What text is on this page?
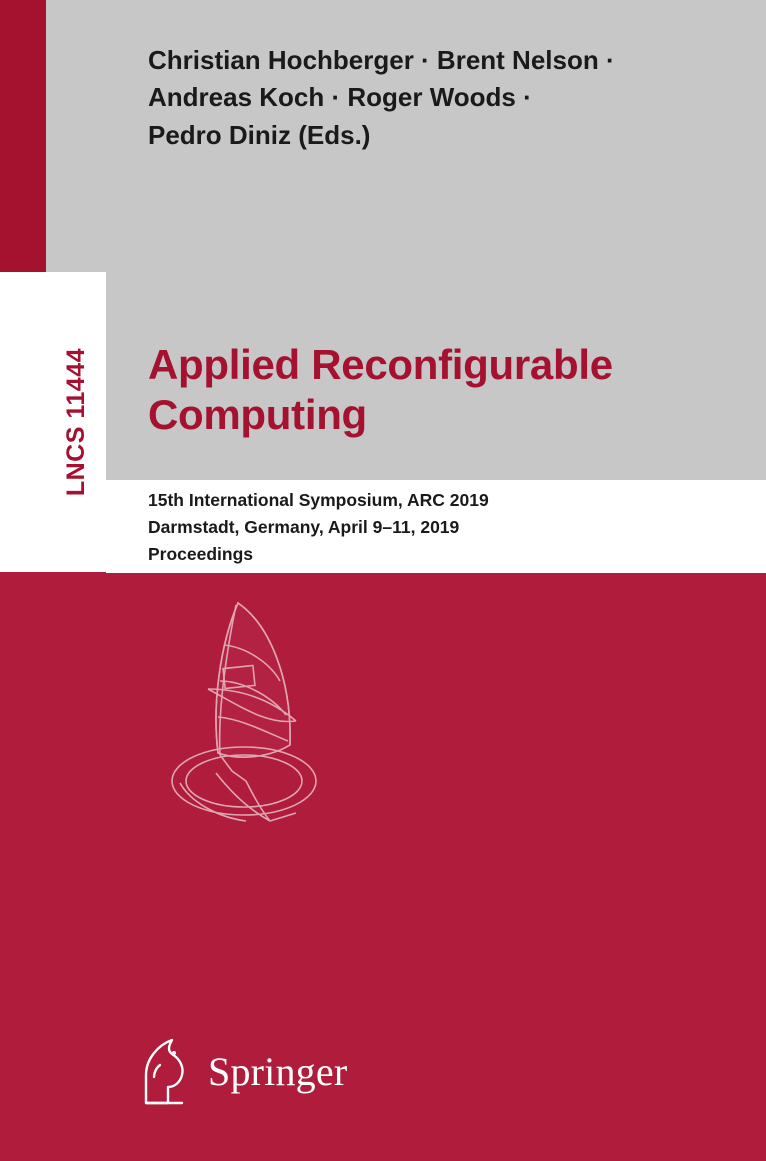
LNCS 11444
Christian Hochberger · Brent Nelson ·
Andreas Koch · Roger Woods ·
Pedro Diniz (Eds.)
Applied Reconfigurable
Computing
15th International Symposium, ARC 2019
Darmstadt, Germany, April 9–11, 2019
Proceedings
Springer
